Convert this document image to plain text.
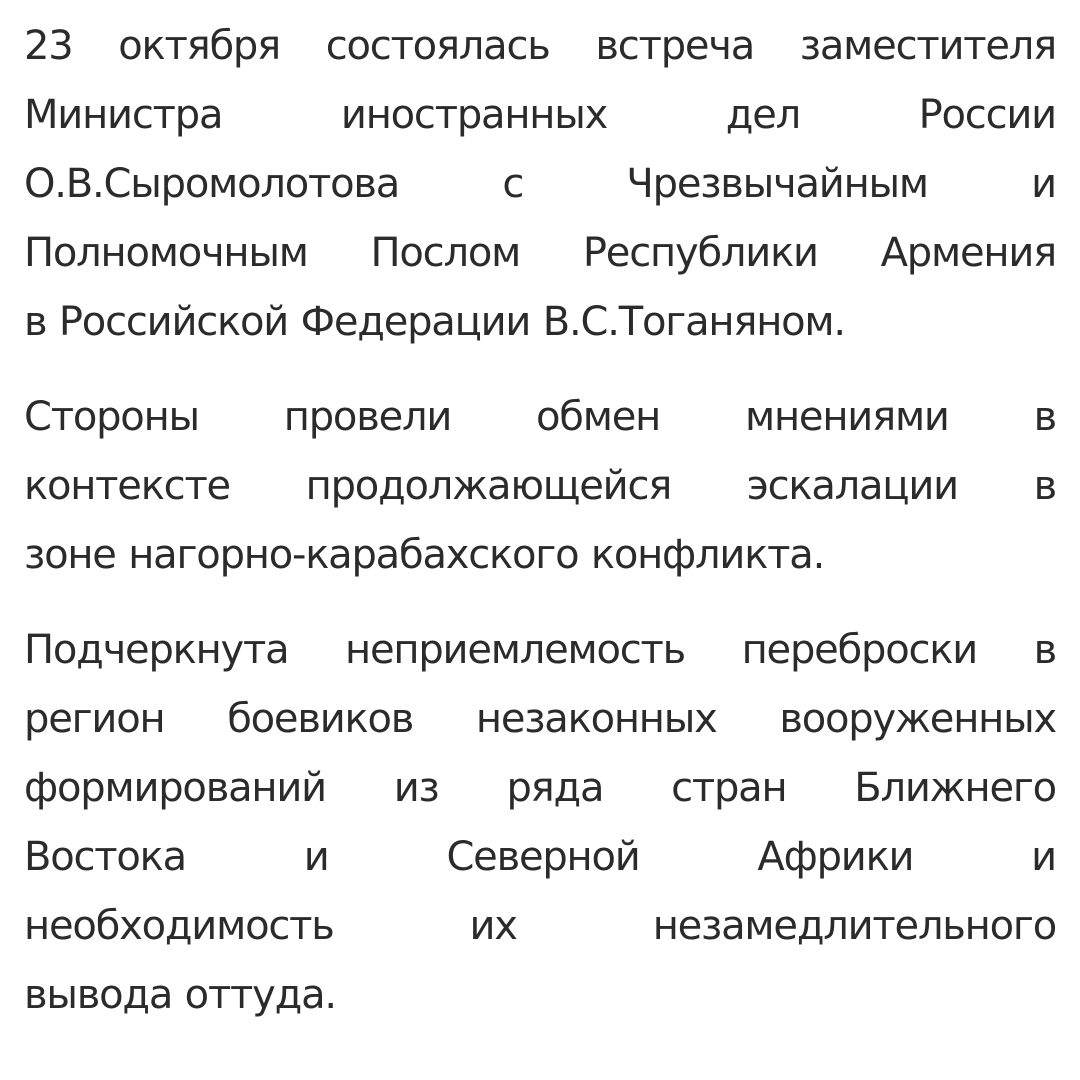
23 октября состоялась встреча заместителя
Министра	иностранных	дел	России
О.В.Сыромолотова	с	Чрезвычайным	и
Полномочным Послом Республики Армения
в Российской Федерации В.С.Тоганяном.

Стороны провели обмен мнениями в
контексте продолжающейся эскалации в
зоне нагорно-карабахского конфликта.

Подчеркнута неприемлемость переброски в
регион боевиков незаконных вооруженных
формирований из ряда стран Ближнего
Востока	и	Северной	Африки	и
необходимость	их	незамедлительного
вывода оттуда.
